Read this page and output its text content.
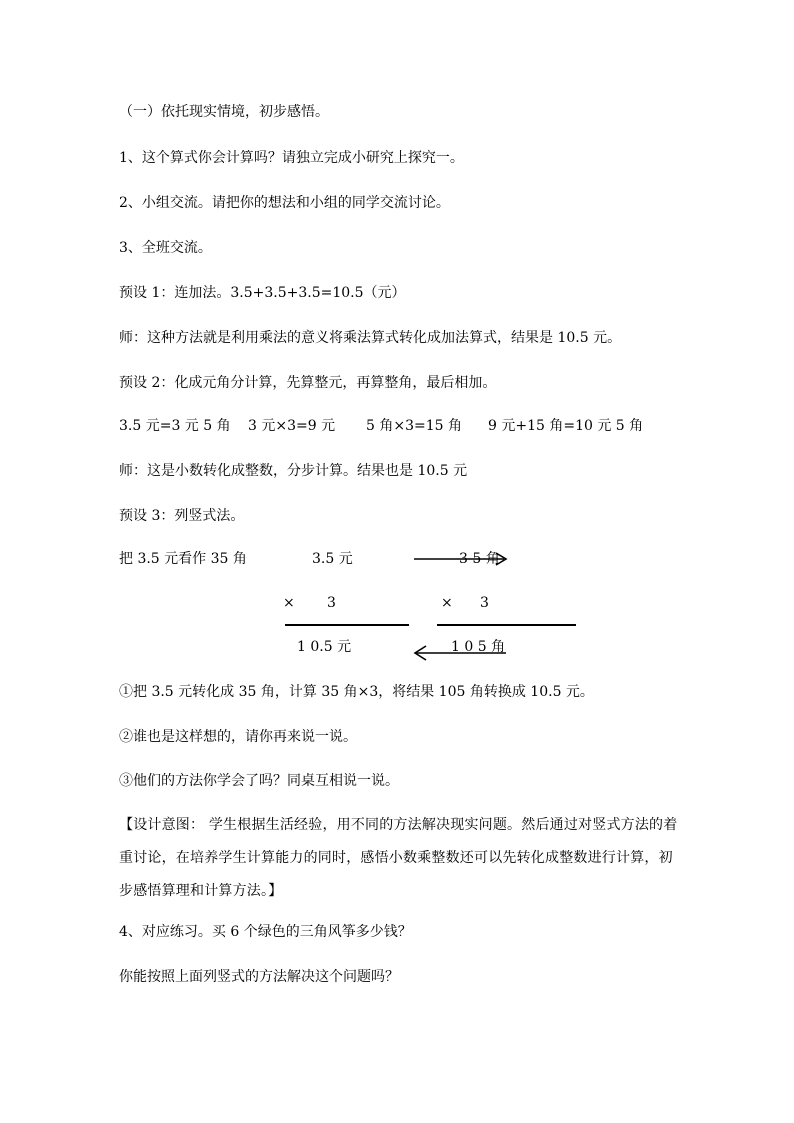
（一）依托现实情境，初步感悟。
1、这个算式你会计算吗？请独立完成小研究上探究一。
2、小组交流。请把你的想法和小组的同学交流讨论。
3、全班交流。
预设 1：连加法。3.5+3.5+3.5=10.5（元）
师：这种方法就是利用乘法的意义将乘法算式转化成加法算式，结果是 10.5 元。
预设 2：化成元角分计算，先算整元，再算整角，最后相加。
3.5 元=3 元 5 角 3 元×3=9 元 5 角×3=15 角 9 元+15 角=10 元 5 角
师：这是小数转化成整数，分步计算。结果也是 10.5 元
预设 3：列竖式法。
把 3.5 元看作 35 角	3.5 元
× 3
1 0.5 元
3 5 角
× 3
1 0 5 角
①把 3.5 元转化成 35 角，计算 35 角×3，将结果 105 角转换成 10.5 元。
②谁也是这样想的，请你再来说一说。
③他们的方法你学会了吗？同桌互相说一说。
【设计意图： 学生根据生活经验，用不同的方法解决现实问题。然后通过对竖式方法的着重讨论，在培养学生计算能力的同时，感悟小数乘整数还可以先转化成整数进行计算，初步感悟算理和计算方法。】
4、对应练习。买 6 个绿色的三角风筝多少钱？
你能按照上面列竖式的方法解决这个问题吗？
